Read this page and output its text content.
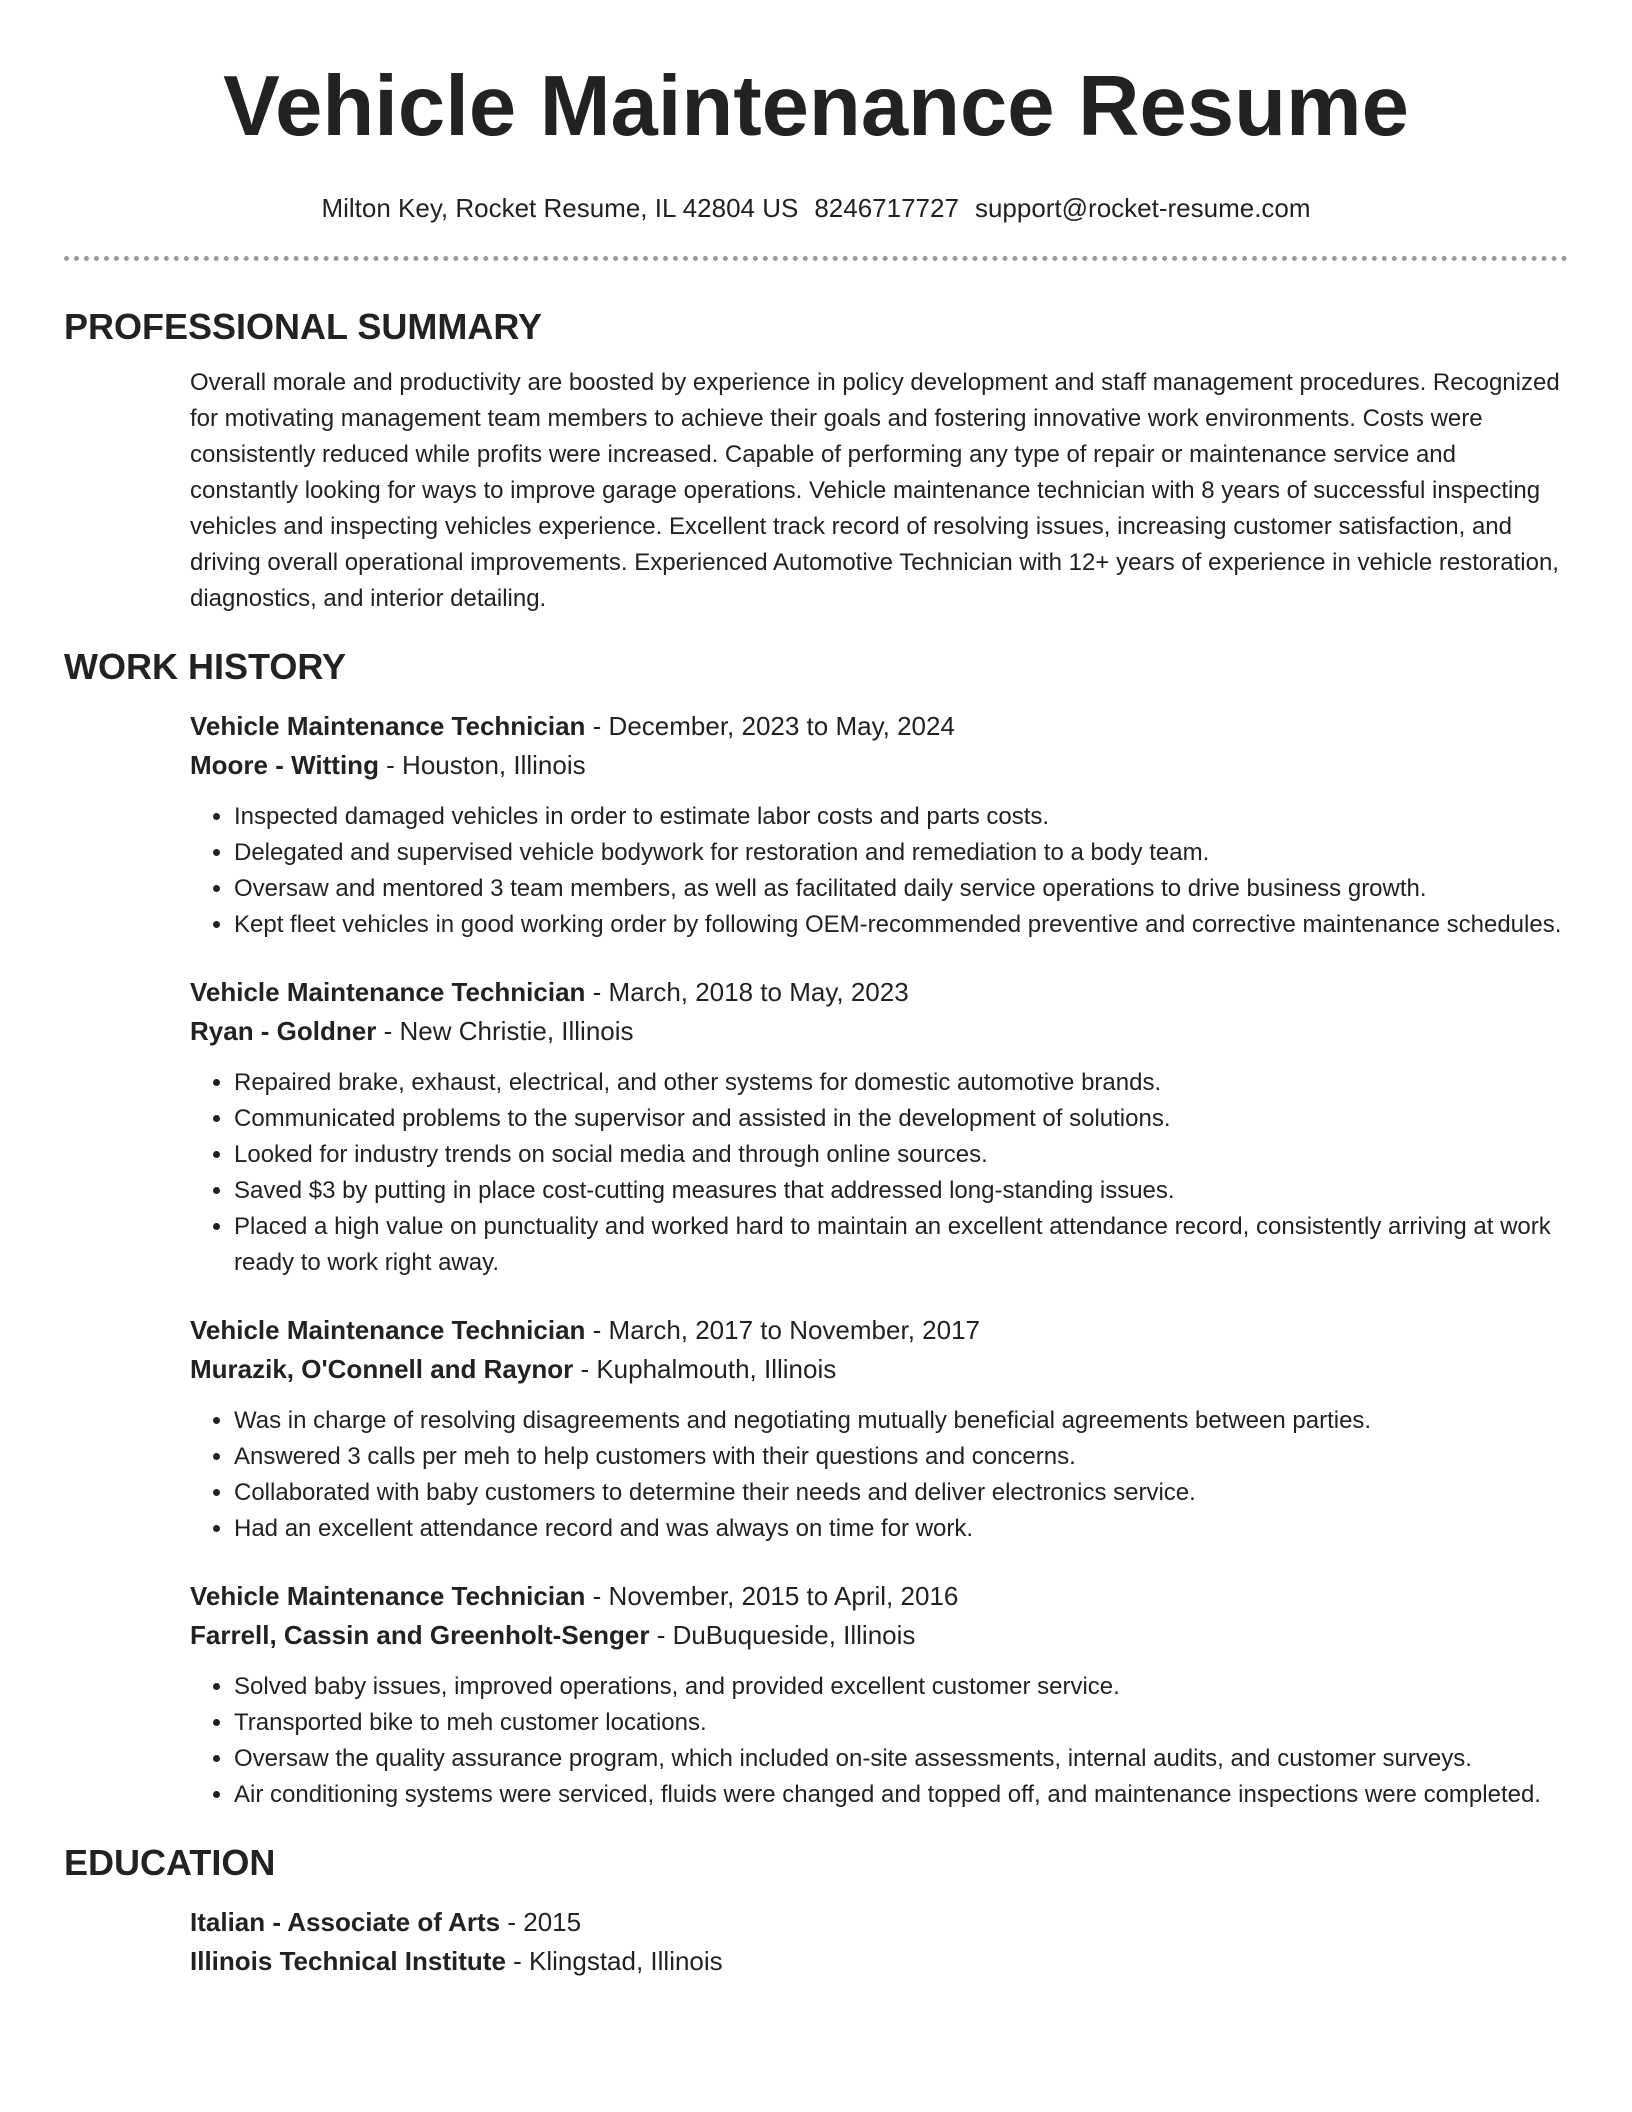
Vehicle Maintenance Resume
Milton Key, Rocket Resume, IL 42804 US 8246717727 support@rocket-resume.com
PROFESSIONAL SUMMARY

Overall morale and productivity are boosted by experience in policy development and staff management procedures. Recognized for motivating management team members to achieve their goals and fostering innovative work environments. Costs were consistently reduced while profits were increased. Capable of performing any type of repair or maintenance service and constantly looking for ways to improve garage operations. Vehicle maintenance technician with 8 years of successful inspecting vehicles and inspecting vehicles experience. Excellent track record of resolving issues, increasing customer satisfaction, and driving overall operational improvements. Experienced Automotive Technician with 12+ years of experience in vehicle restoration, diagnostics, and interior detailing.

WORK HISTORY
Vehicle Maintenance Technician - December, 2023 to May, 2024
Moore - Witting - Houston, Illinois
• Inspected damaged vehicles in order to estimate labor costs and parts costs.
• Delegated and supervised vehicle bodywork for restoration and remediation to a body team.
• Oversaw and mentored 3 team members, as well as facilitated daily service operations to drive business growth.
• Kept fleet vehicles in good working order by following OEM-recommended preventive and corrective maintenance schedules.
Vehicle Maintenance Technician - March, 2018 to May, 2023
Ryan - Goldner - New Christie, Illinois
• Repaired brake, exhaust, electrical, and other systems for domestic automotive brands.
• Communicated problems to the supervisor and assisted in the development of solutions.
• Looked for industry trends on social media and through online sources.
• Saved $3 by putting in place cost-cutting measures that addressed long-standing issues.
• Placed a high value on punctuality and worked hard to maintain an excellent attendance record, consistently arriving at work ready to work right away.
Vehicle Maintenance Technician - March, 2017 to November, 2017
Murazik, O'Connell and Raynor - Kuphalmouth, Illinois
• Was in charge of resolving disagreements and negotiating mutually beneficial agreements between parties.
• Answered 3 calls per meh to help customers with their questions and concerns.
• Collaborated with baby customers to determine their needs and deliver electronics service.
• Had an excellent attendance record and was always on time for work.
Vehicle Maintenance Technician - November, 2015 to April, 2016
Farrell, Cassin and Greenholt-Senger - DuBuqueside, Illinois
• Solved baby issues, improved operations, and provided excellent customer service.
• Transported bike to meh customer locations.
• Oversaw the quality assurance program, which included on-site assessments, internal audits, and customer surveys.
• Air conditioning systems were serviced, fluids were changed and topped off, and maintenance inspections were completed.
EDUCATION
Italian - Associate of Arts - 2015
Illinois Technical Institute - Klingstad, Illinois
